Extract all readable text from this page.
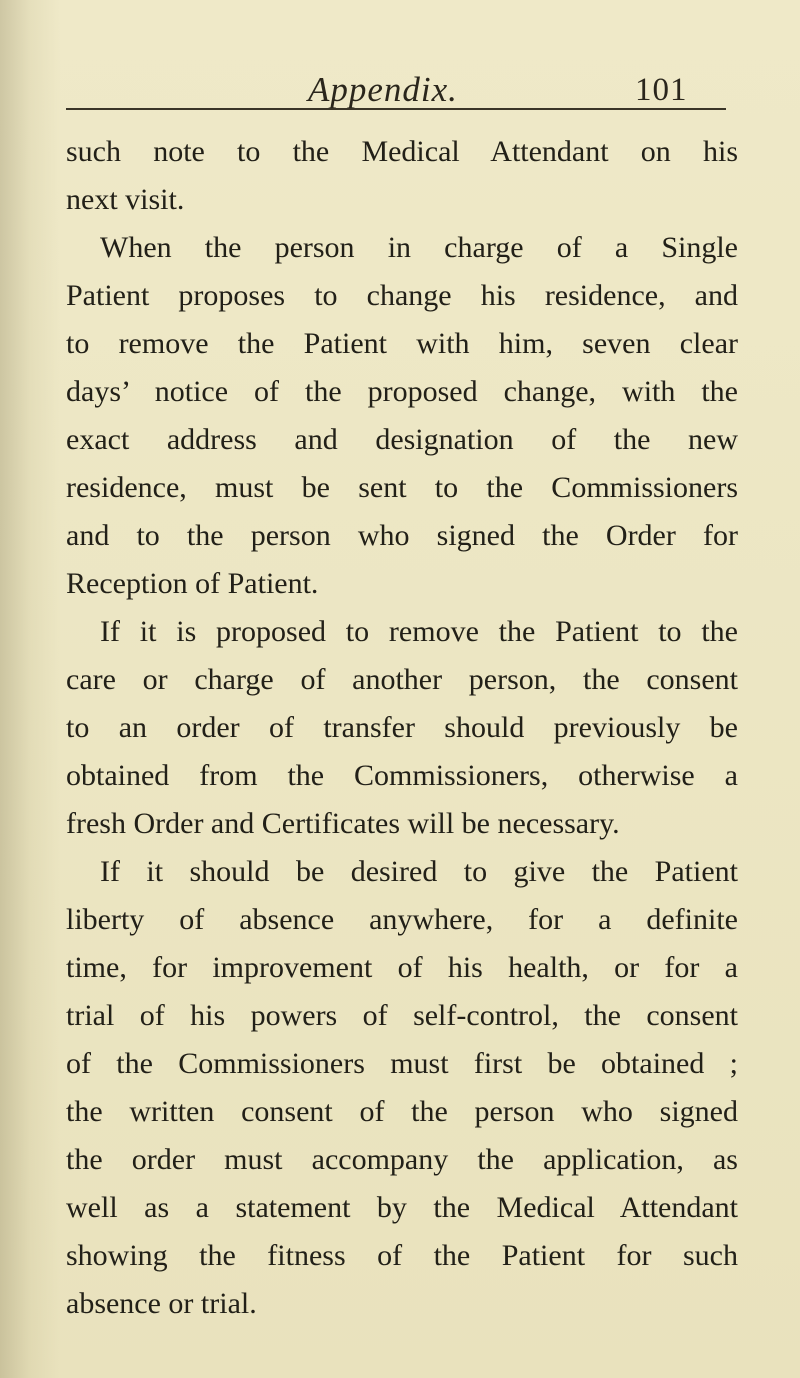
Appendix.	101
such note to the Medical Attendant on his
next visit.
When the person in charge of a Single
Patient proposes to change his residence, and
to remove the Patient with him, seven clear
days’ notice of the proposed change, with the
exact address and designation of the new
residence, must be sent to the Commissioners
and to the person who signed the Order for
Reception of Patient.
If it is proposed to remove the Patient to the
care or charge of another person, the consent
to an order of transfer should previously be
obtained from the Commissioners, otherwise a
fresh Order and Certificates will be necessary.
If it should be desired to give the Patient
liberty of absence anywhere, for a definite
time, for improvement of his health, or for a
trial of his powers of self-control, the consent
of the Commissioners must first be obtained ;
the written consent of the person who signed
the order must accompany the application, as
well as a statement by the Medical Attendant
showing the fitness of the Patient for such
absence or trial.
